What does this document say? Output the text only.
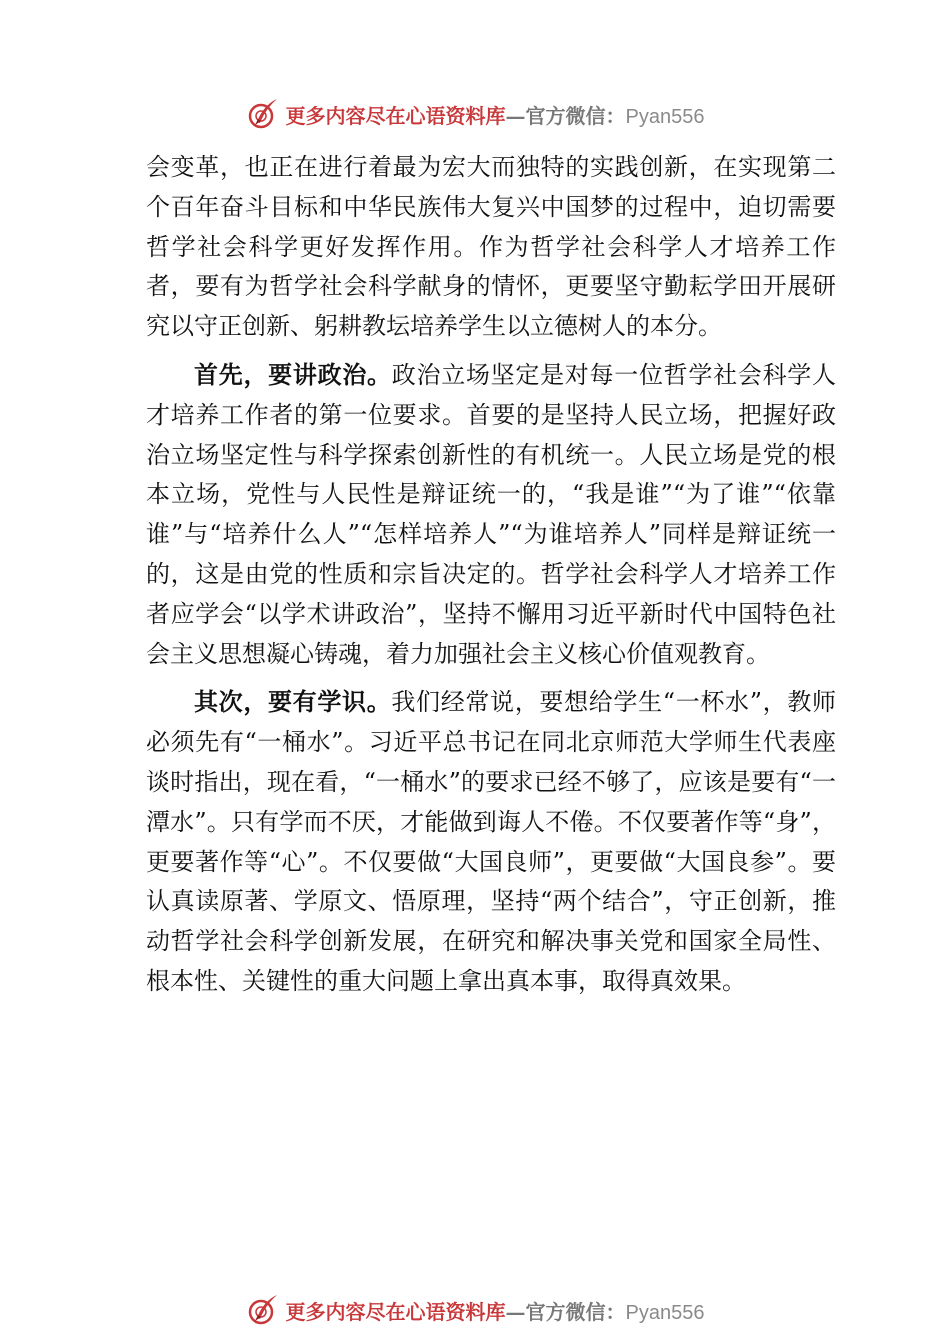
更多内容尽在心语资料库—官方微信：Pyan556

会变革，也正在进行着最为宏大而独特的实践创新，在实现第二个百年奋斗目标和中华民族伟大复兴中国梦的过程中，迫切需要哲学社会科学更好发挥作用。作为哲学社会科学人才培养工作者，要有为哲学社会科学献身的情怀，更要坚守勤耘学田开展研究以守正创新、躬耕教坛培养学生以立德树人的本分。

首先，要讲政治。政治立场坚定是对每一位哲学社会科学人才培养工作者的第一位要求。首要的是坚持人民立场，把握好政治立场坚定性与科学探索创新性的有机统一。人民立场是党的根本立场，党性与人民性是辩证统一的，“我是谁”“为了谁”“依靠谁”与“培养什么人”“怎样培养人”“为谁培养人”同样是辩证统一的，这是由党的性质和宗旨决定的。哲学社会科学人才培养工作者应学会“以学术讲政治”，坚持不懈用习近平新时代中国特色社会主义思想凝心铸魂，着力加强社会主义核心价值观教育。

其次，要有学识。我们经常说，要想给学生“一杯水”，教师必须先有“一桶水”。习近平总书记在同北京师范大学师生代表座谈时指出，现在看，“一桶水”的要求已经不够了，应该是要有“一潭水”。只有学而不厌，才能做到诲人不倦。不仅要著作等“身”，更要著作等“心”。不仅要做“大国良师”，更要做“大国良参”。要认真读原著、学原文、悟原理，坚持“两个结合”，守正创新，推动哲学社会科学创新发展，在研究和解决事关党和国家全局性、根本性、关键性的重大问题上拿出真本事，取得真效果。

更多内容尽在心语资料库—官方微信：Pyan556
